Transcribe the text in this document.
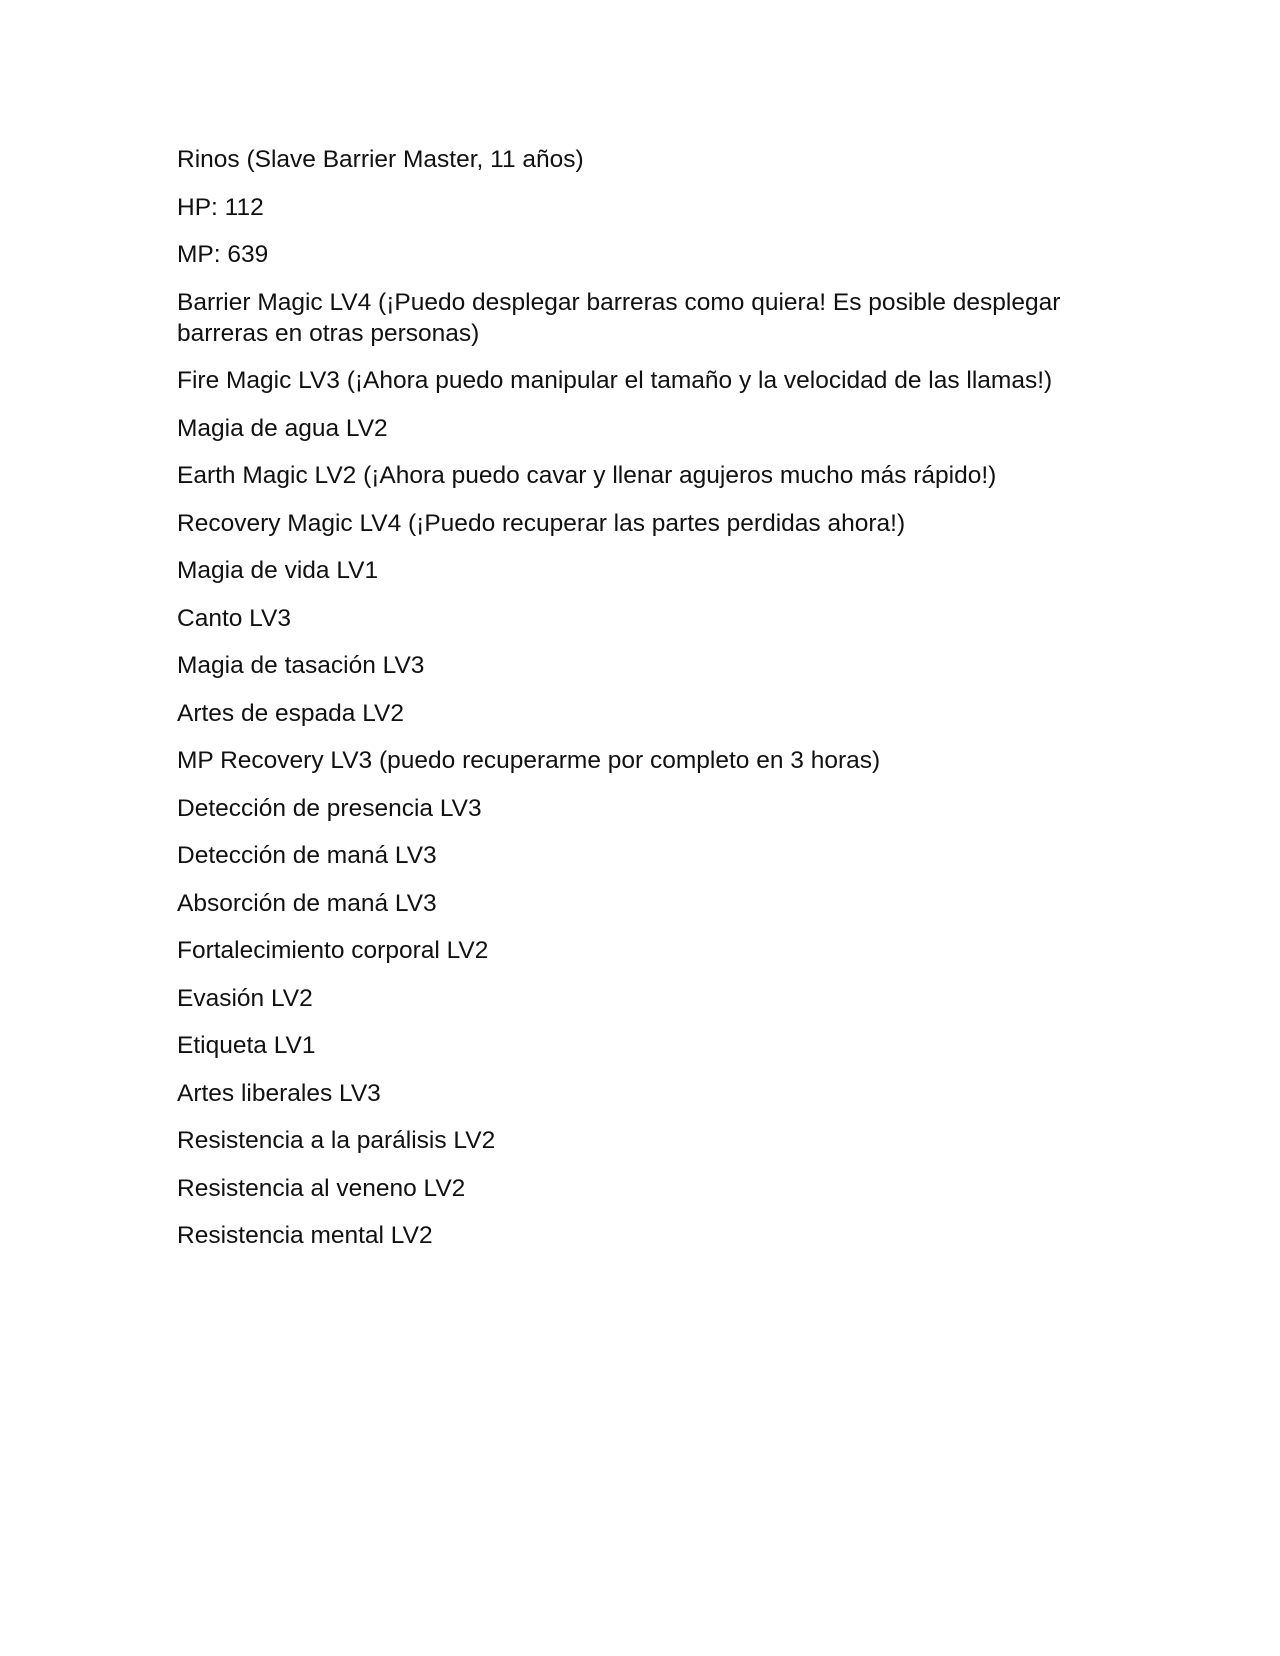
Rinos (Slave Barrier Master, 11 años)

HP: 112

MP: 639

Barrier Magic LV4 (¡Puedo desplegar barreras como quiera! Es posible desplegar barreras en otras personas)

Fire Magic LV3 (¡Ahora puedo manipular el tamaño y la velocidad de las llamas!)

Magia de agua LV2

Earth Magic LV2 (¡Ahora puedo cavar y llenar agujeros mucho más rápido!)

Recovery Magic LV4 (¡Puedo recuperar las partes perdidas ahora!)

Magia de vida LV1

Canto LV3

Magia de tasación LV3

Artes de espada LV2

MP Recovery LV3 (puedo recuperarme por completo en 3 horas)

Detección de presencia LV3

Detección de maná LV3

Absorción de maná LV3

Fortalecimiento corporal LV2

Evasión LV2

Etiqueta LV1

Artes liberales LV3

Resistencia a la parálisis LV2

Resistencia al veneno LV2

Resistencia mental LV2
